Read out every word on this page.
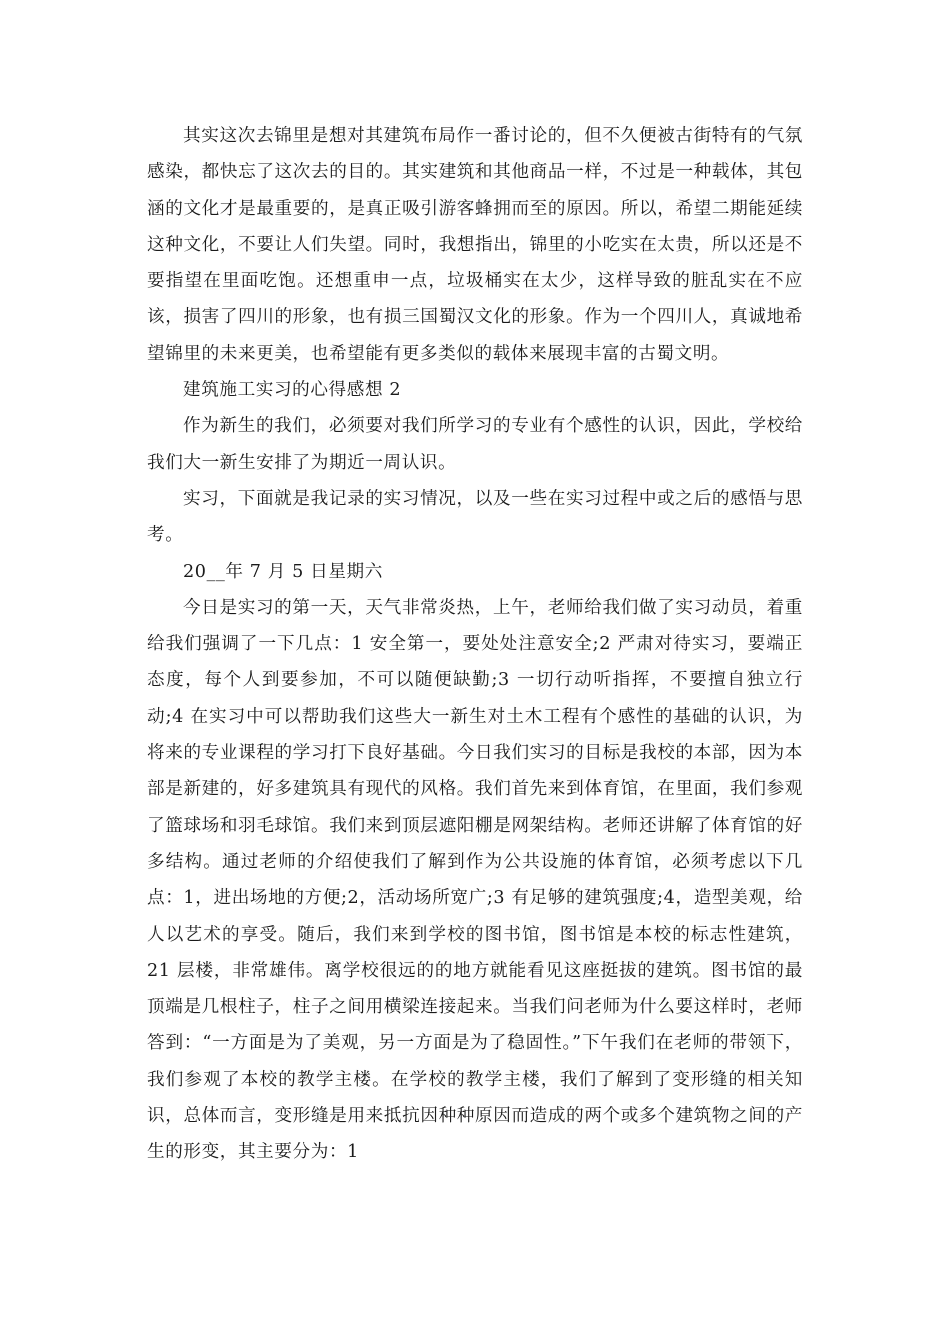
其实这次去锦里是想对其建筑布局作一番讨论的，但不久便被古街特有的气氛感染，都快忘了这次去的目的。其实建筑和其他商品一样，不过是一种载体，其包涵的文化才是最重要的，是真正吸引游客蜂拥而至的原因。所以，希望二期能延续这种文化，不要让人们失望。同时，我想指出，锦里的小吃实在太贵，所以还是不要指望在里面吃饱。还想重申一点，垃圾桶实在太少，这样导致的脏乱实在不应该，损害了四川的形象，也有损三国蜀汉文化的形象。作为一个四川人，真诚地希望锦里的未来更美，也希望能有更多类似的载体来展现丰富的古蜀文明。

建筑施工实习的心得感想 2

作为新生的我们，必须要对我们所学习的专业有个感性的认识，因此，学校给我们大一新生安排了为期近一周认识。

实习，下面就是我记录的实习情况，以及一些在实习过程中或之后的感悟与思考。

20__年 7 月 5 日星期六

今日是实习的第一天，天气非常炎热，上午，老师给我们做了实习动员，着重给我们强调了一下几点：1 安全第一，要处处注意安全;2 严肃对待实习，要端正态度，每个人到要参加，不可以随便缺勤;3 一切行动听指挥，不要擅自独立行动;4 在实习中可以帮助我们这些大一新生对土木工程有个感性的基础的认识，为将来的专业课程的学习打下良好基础。今日我们实习的目标是我校的本部，因为本部是新建的，好多建筑具有现代的风格。我们首先来到体育馆，在里面，我们参观了篮球场和羽毛球馆。我们来到顶层遮阳棚是网架结构。老师还讲解了体育馆的好多结构。通过老师的介绍使我们了解到作为公共设施的体育馆，必须考虑以下几点：1，进出场地的方便;2，活动场所宽广;3 有足够的建筑强度;4，造型美观，给人以艺术的享受。随后，我们来到学校的图书馆，图书馆是本校的标志性建筑，21 层楼，非常雄伟。离学校很远的的地方就能看见这座挺拔的建筑。图书馆的最顶端是几根柱子，柱子之间用横梁连接起来。当我们问老师为什么要这样时，老师答到：“一方面是为了美观，另一方面是为了稳固性。”下午我们在老师的带领下，我们参观了本校的教学主楼。在学校的教学主楼，我们了解到了变形缝的相关知识，总体而言，变形缝是用来抵抗因种种原因而造成的两个或多个建筑物之间的产生的形变，其主要分为：1
